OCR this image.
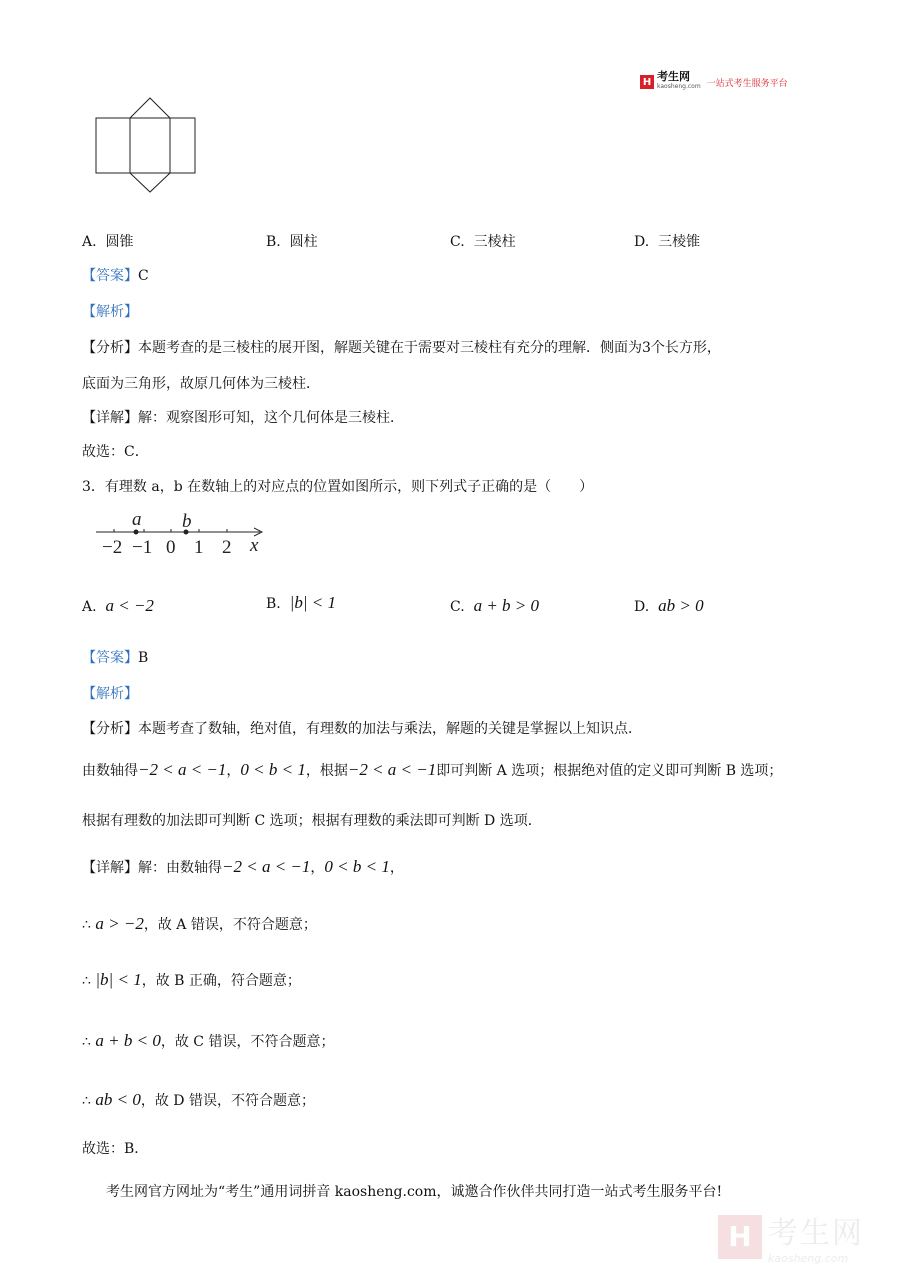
H 考生网
kaosheng.com 一站式考生服务平台
A. 圆锥	B. 圆柱	C. 三棱柱	D. 三棱锥
【答案】C
【解析】
【分析】本题考查的是三棱柱的展开图，解题关键在于需要对三棱柱有充分的理解．侧面为3个长方形，
底面为三角形，故原几何体为三棱柱．
【详解】解：观察图形可知，这个几何体是三棱柱．
故选：C．
3．有理数 a，b 在数轴上的对应点的位置如图所示，则下列式子正确的是（　　）
a b
−2 −1 0 1 2 x
A. a < −2	B. |b| < 1	C. a + b > 0	D. ab > 0
【答案】B
【解析】
【分析】本题考查了数轴，绝对值，有理数的加法与乘法，解题的关键是掌握以上知识点．
由数轴得−2 < a < −1，0 < b < 1，根据−2 < a < −1即可判断 A 选项；根据绝对值的定义即可判断 B 选项；
根据有理数的加法即可判断 C 选项；根据有理数的乘法即可判断 D 选项．
【详解】解：由数轴得−2 < a < −1，0 < b < 1，
∴ a > −2，故 A 错误，不符合题意；
∴ |b| < 1，故 B 正确，符合题意；
∴ a + b < 0，故 C 错误，不符合题意；
∴ ab < 0，故 D 错误，不符合题意；
故选：B．
考生网官方网址为“考生”通用词拼音 kaosheng.com，诚邀合作伙伴共同打造一站式考生服务平台!
H 考生网
kaosheng.com
